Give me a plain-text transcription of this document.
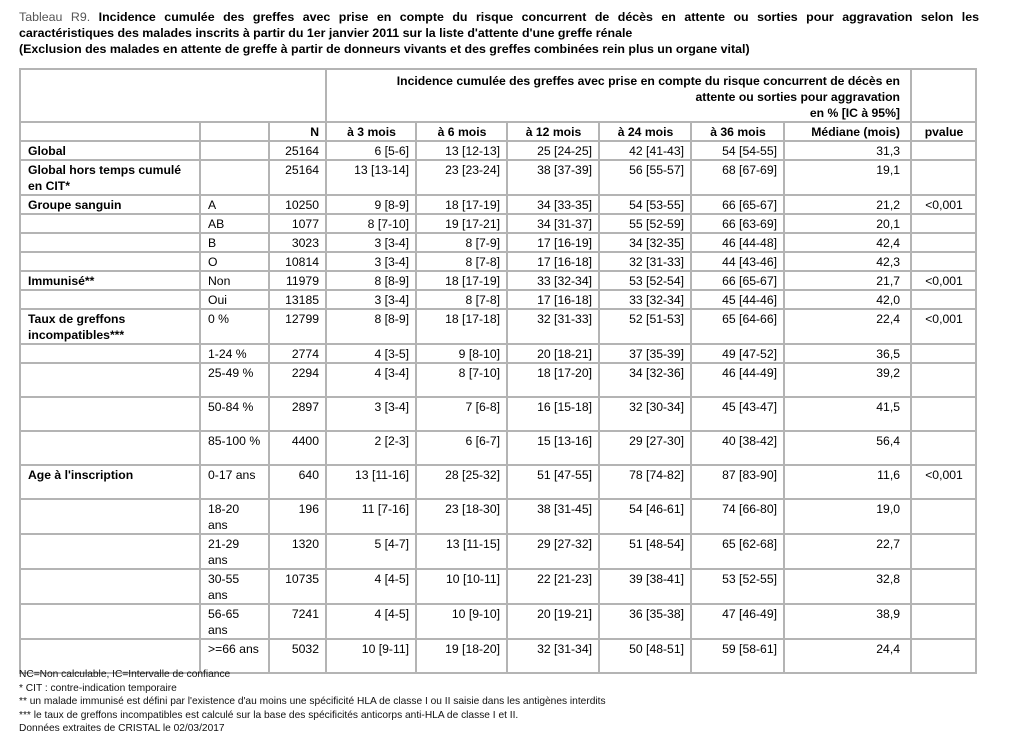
Tableau R9. Incidence cumulée des greffes avec prise en compte du risque concurrent de décès en attente ou sorties pour aggravation selon les
caractéristiques des malades inscrits à partir du 1er janvier 2011 sur la liste d'attente d'une greffe rénale
(Exclusion des malades en attente de greffe à partir de donneurs vivants et des greffes combinées rein plus un organe vital)

			Incidence cumulée des greffes avec prise en compte du risque concurrent de décès en
attente ou sorties pour aggravation
en % [IC à 95%]						

		N	à 3 mois	à 6 mois	à 12 mois	à 24 mois	à 36 mois	Médiane (mois)	pvalue
Global		25164	6 [5-6]	13 [12-13]	25 [24-25]	42 [41-43]	54 [54-55]	31,3	
Global hors temps cumulé en CIT*		25164	13 [13-14]	23 [23-24]	38 [37-39]	56 [55-57]	68 [67-69]	19,1	
Groupe sanguin	A	10250	9 [8-9]	18 [17-19]	34 [33-35]	54 [53-55]	66 [65-67]	21,2	<0,001
	AB	1077	8 [7-10]	19 [17-21]	34 [31-37]	55 [52-59]	66 [63-69]	20,1	
	B	3023	3 [3-4]	8 [7-9]	17 [16-19]	34 [32-35]	46 [44-48]	42,4	
	O	10814	3 [3-4]	8 [7-8]	17 [16-18]	32 [31-33]	44 [43-46]	42,3	
Immunisé**	Non	11979	8 [8-9]	18 [17-19]	33 [32-34]	53 [52-54]	66 [65-67]	21,7	<0,001
	Oui	13185	3 [3-4]	8 [7-8]	17 [16-18]	33 [32-34]	45 [44-46]	42,0	
Taux de greffons incompatibles***	0 %	12799	8 [8-9]	18 [17-18]	32 [31-33]	52 [51-53]	65 [64-66]	22,4	<0,001
	1-24 %	2774	4 [3-5]	9 [8-10]	20 [18-21]	37 [35-39]	49 [47-52]	36,5	
	25-49 %	2294	4 [3-4]	8 [7-10]	18 [17-20]	34 [32-36]	46 [44-49]	39,2	
	50-84 %	2897	3 [3-4]	7 [6-8]	16 [15-18]	32 [30-34]	45 [43-47]	41,5	
	85-100 %	4400	2 [2-3]	6 [6-7]	15 [13-16]	29 [27-30]	40 [38-42]	56,4	
Age à l'inscription	0-17 ans	640	13 [11-16]	28 [25-32]	51 [47-55]	78 [74-82]	87 [83-90]	11,6	<0,001
	18-20 ans	196	11 [7-16]	23 [18-30]	38 [31-45]	54 [46-61]	74 [66-80]	19,0	
	21-29 ans	1320	5 [4-7]	13 [11-15]	29 [27-32]	51 [48-54]	65 [62-68]	22,7	
	30-55 ans	10735	4 [4-5]	10 [10-11]	22 [21-23]	39 [38-41]	53 [52-55]	32,8	
	56-65 ans	7241	4 [4-5]	10 [9-10]	20 [19-21]	36 [35-38]	47 [46-49]	38,9	
	>=66 ans	5032	10 [9-11]	19 [18-20]	32 [31-34]	50 [48-51]	59 [58-61]	24,4	
NC=Non calculable, IC=Intervalle de confiance
* CIT : contre-indication temporaire
** un malade immunisé est défini par l'existence d'au moins une spécificité HLA de classe I ou II saisie dans les antigènes interdits
*** le taux de greffons incompatibles est calculé sur la base des spécificités anticorps anti-HLA de classe I et II.
Données extraites de CRISTAL le 02/03/2017
